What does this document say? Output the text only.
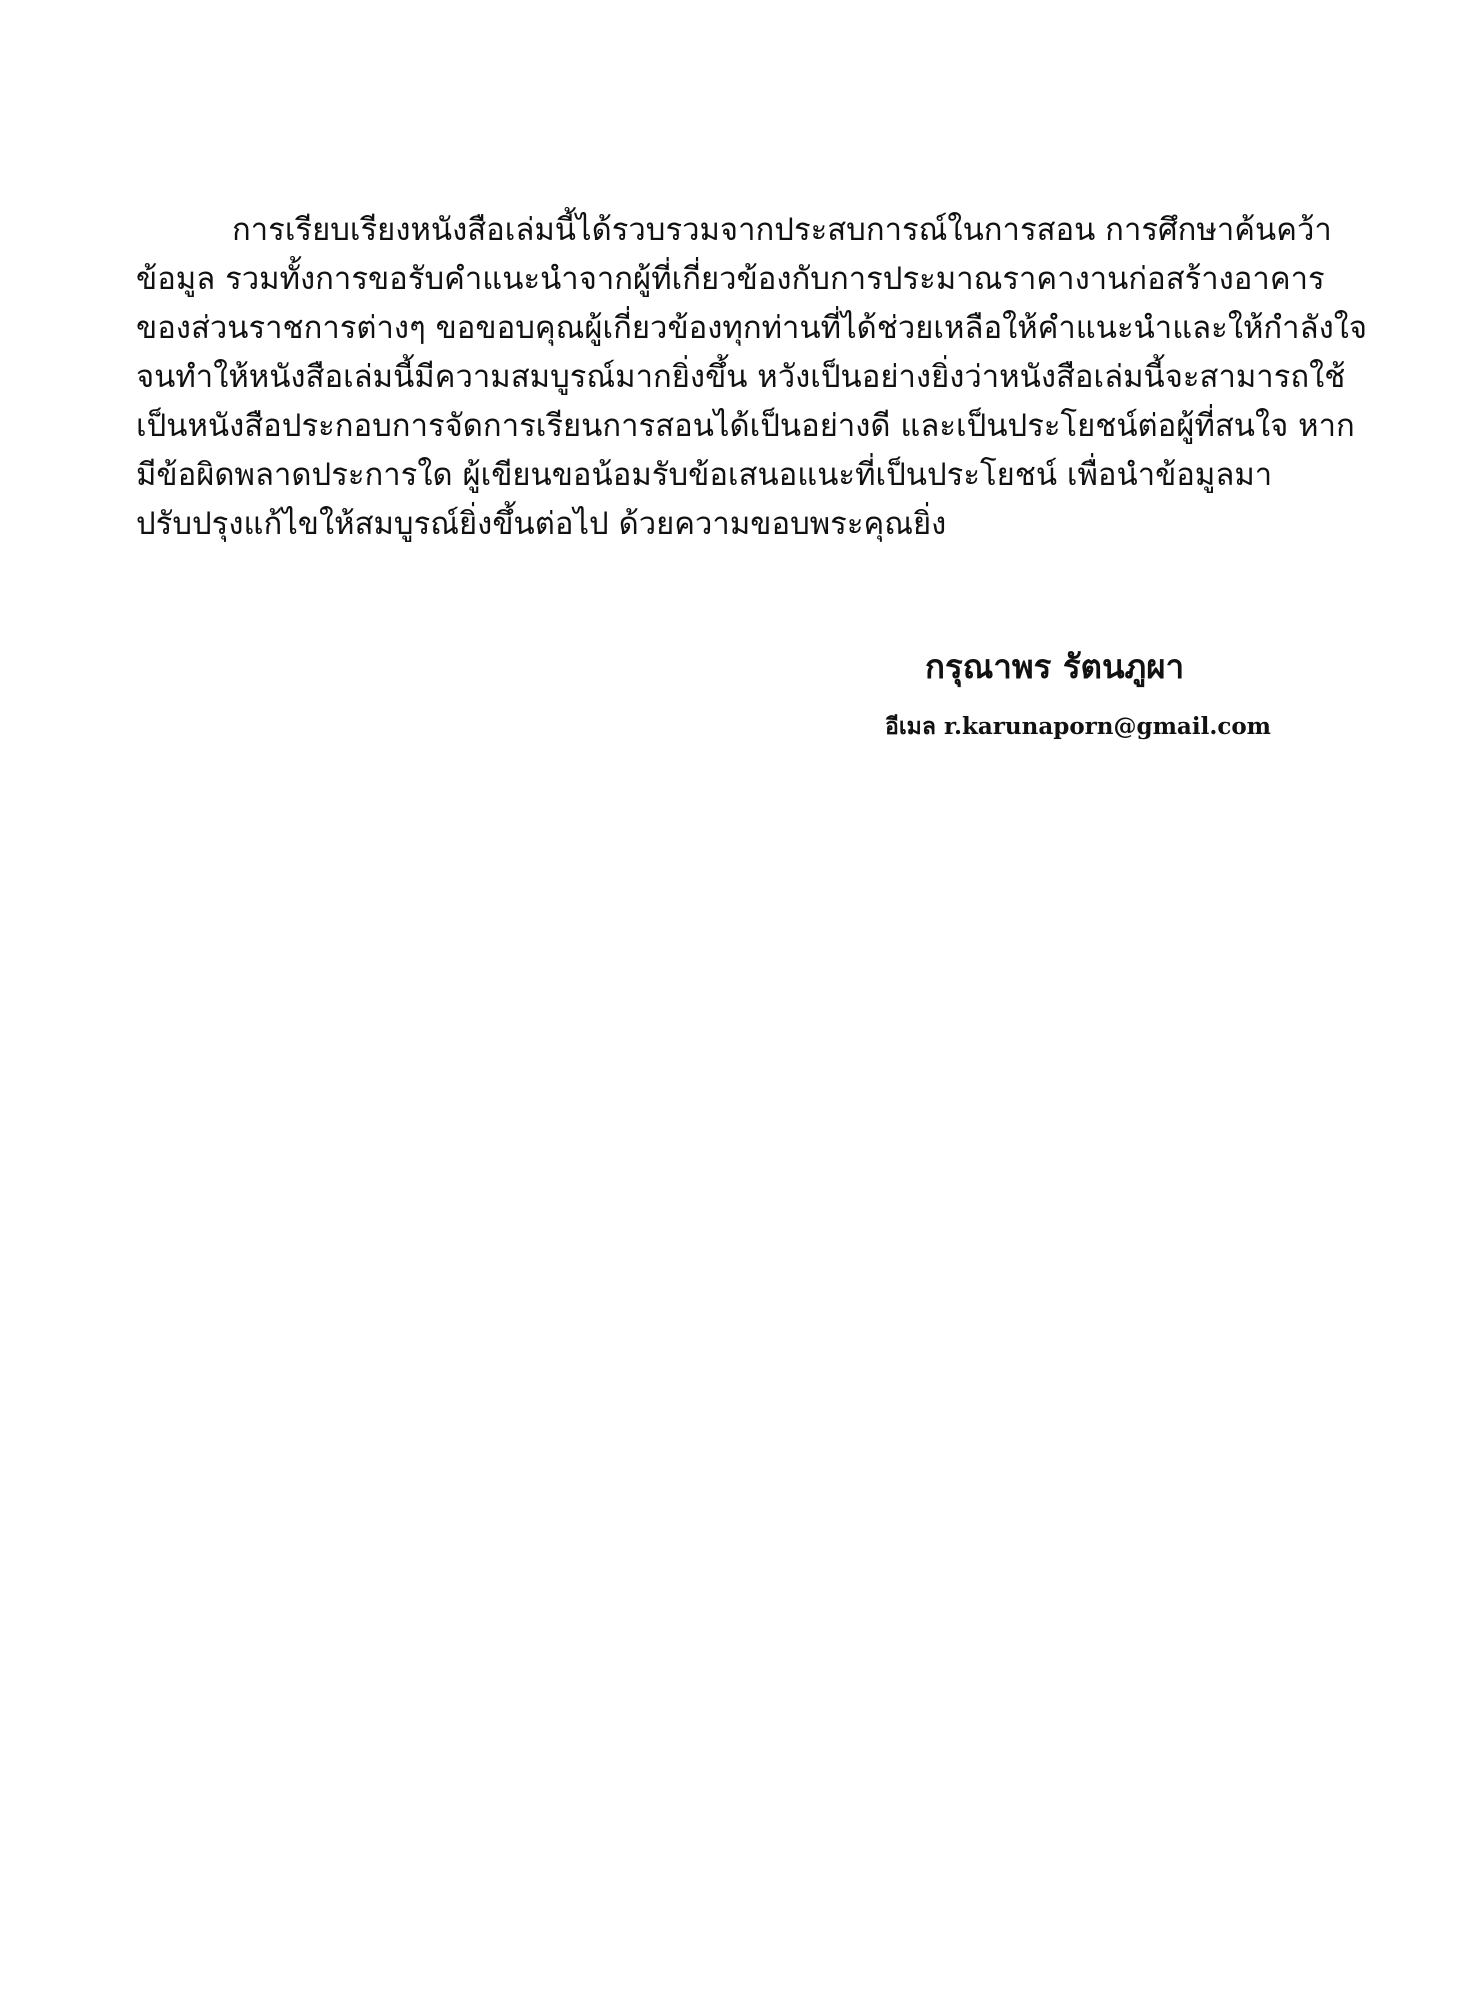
การเรียบเรียงหนังสือเล่มนี้ได้รวบรวมจากประสบการณ์ในการสอน การศึกษาค้นคว้า
ข้อมูล รวมทั้งการขอรับคำแนะนำจากผู้ที่เกี่ยวข้องกับการประมาณราคางานก่อสร้างอาคาร
ของส่วนราชการต่างๆ ขอขอบคุณผู้เกี่ยวข้องทุกท่านที่ได้ช่วยเหลือให้คำแนะนำและให้กำลังใจ
จนทำให้หนังสือเล่มนี้มีความสมบูรณ์มากยิ่งขึ้น หวังเป็นอย่างยิ่งว่าหนังสือเล่มนี้จะสามารถใช้
เป็นหนังสือประกอบการจัดการเรียนการสอนได้เป็นอย่างดี และเป็นประโยชน์ต่อผู้ที่สนใจ หาก
มีข้อผิดพลาดประการใด ผู้เขียนขอน้อมรับข้อเสนอแนะที่เป็นประโยชน์ เพื่อนำข้อมูลมา
ปรับปรุงแก้ไขให้สมบูรณ์ยิ่งขึ้นต่อไป ด้วยความขอบพระคุณยิ่ง
กรุณาพร รัตนภูผา
อีเมล r.karunaporn@gmail.com
